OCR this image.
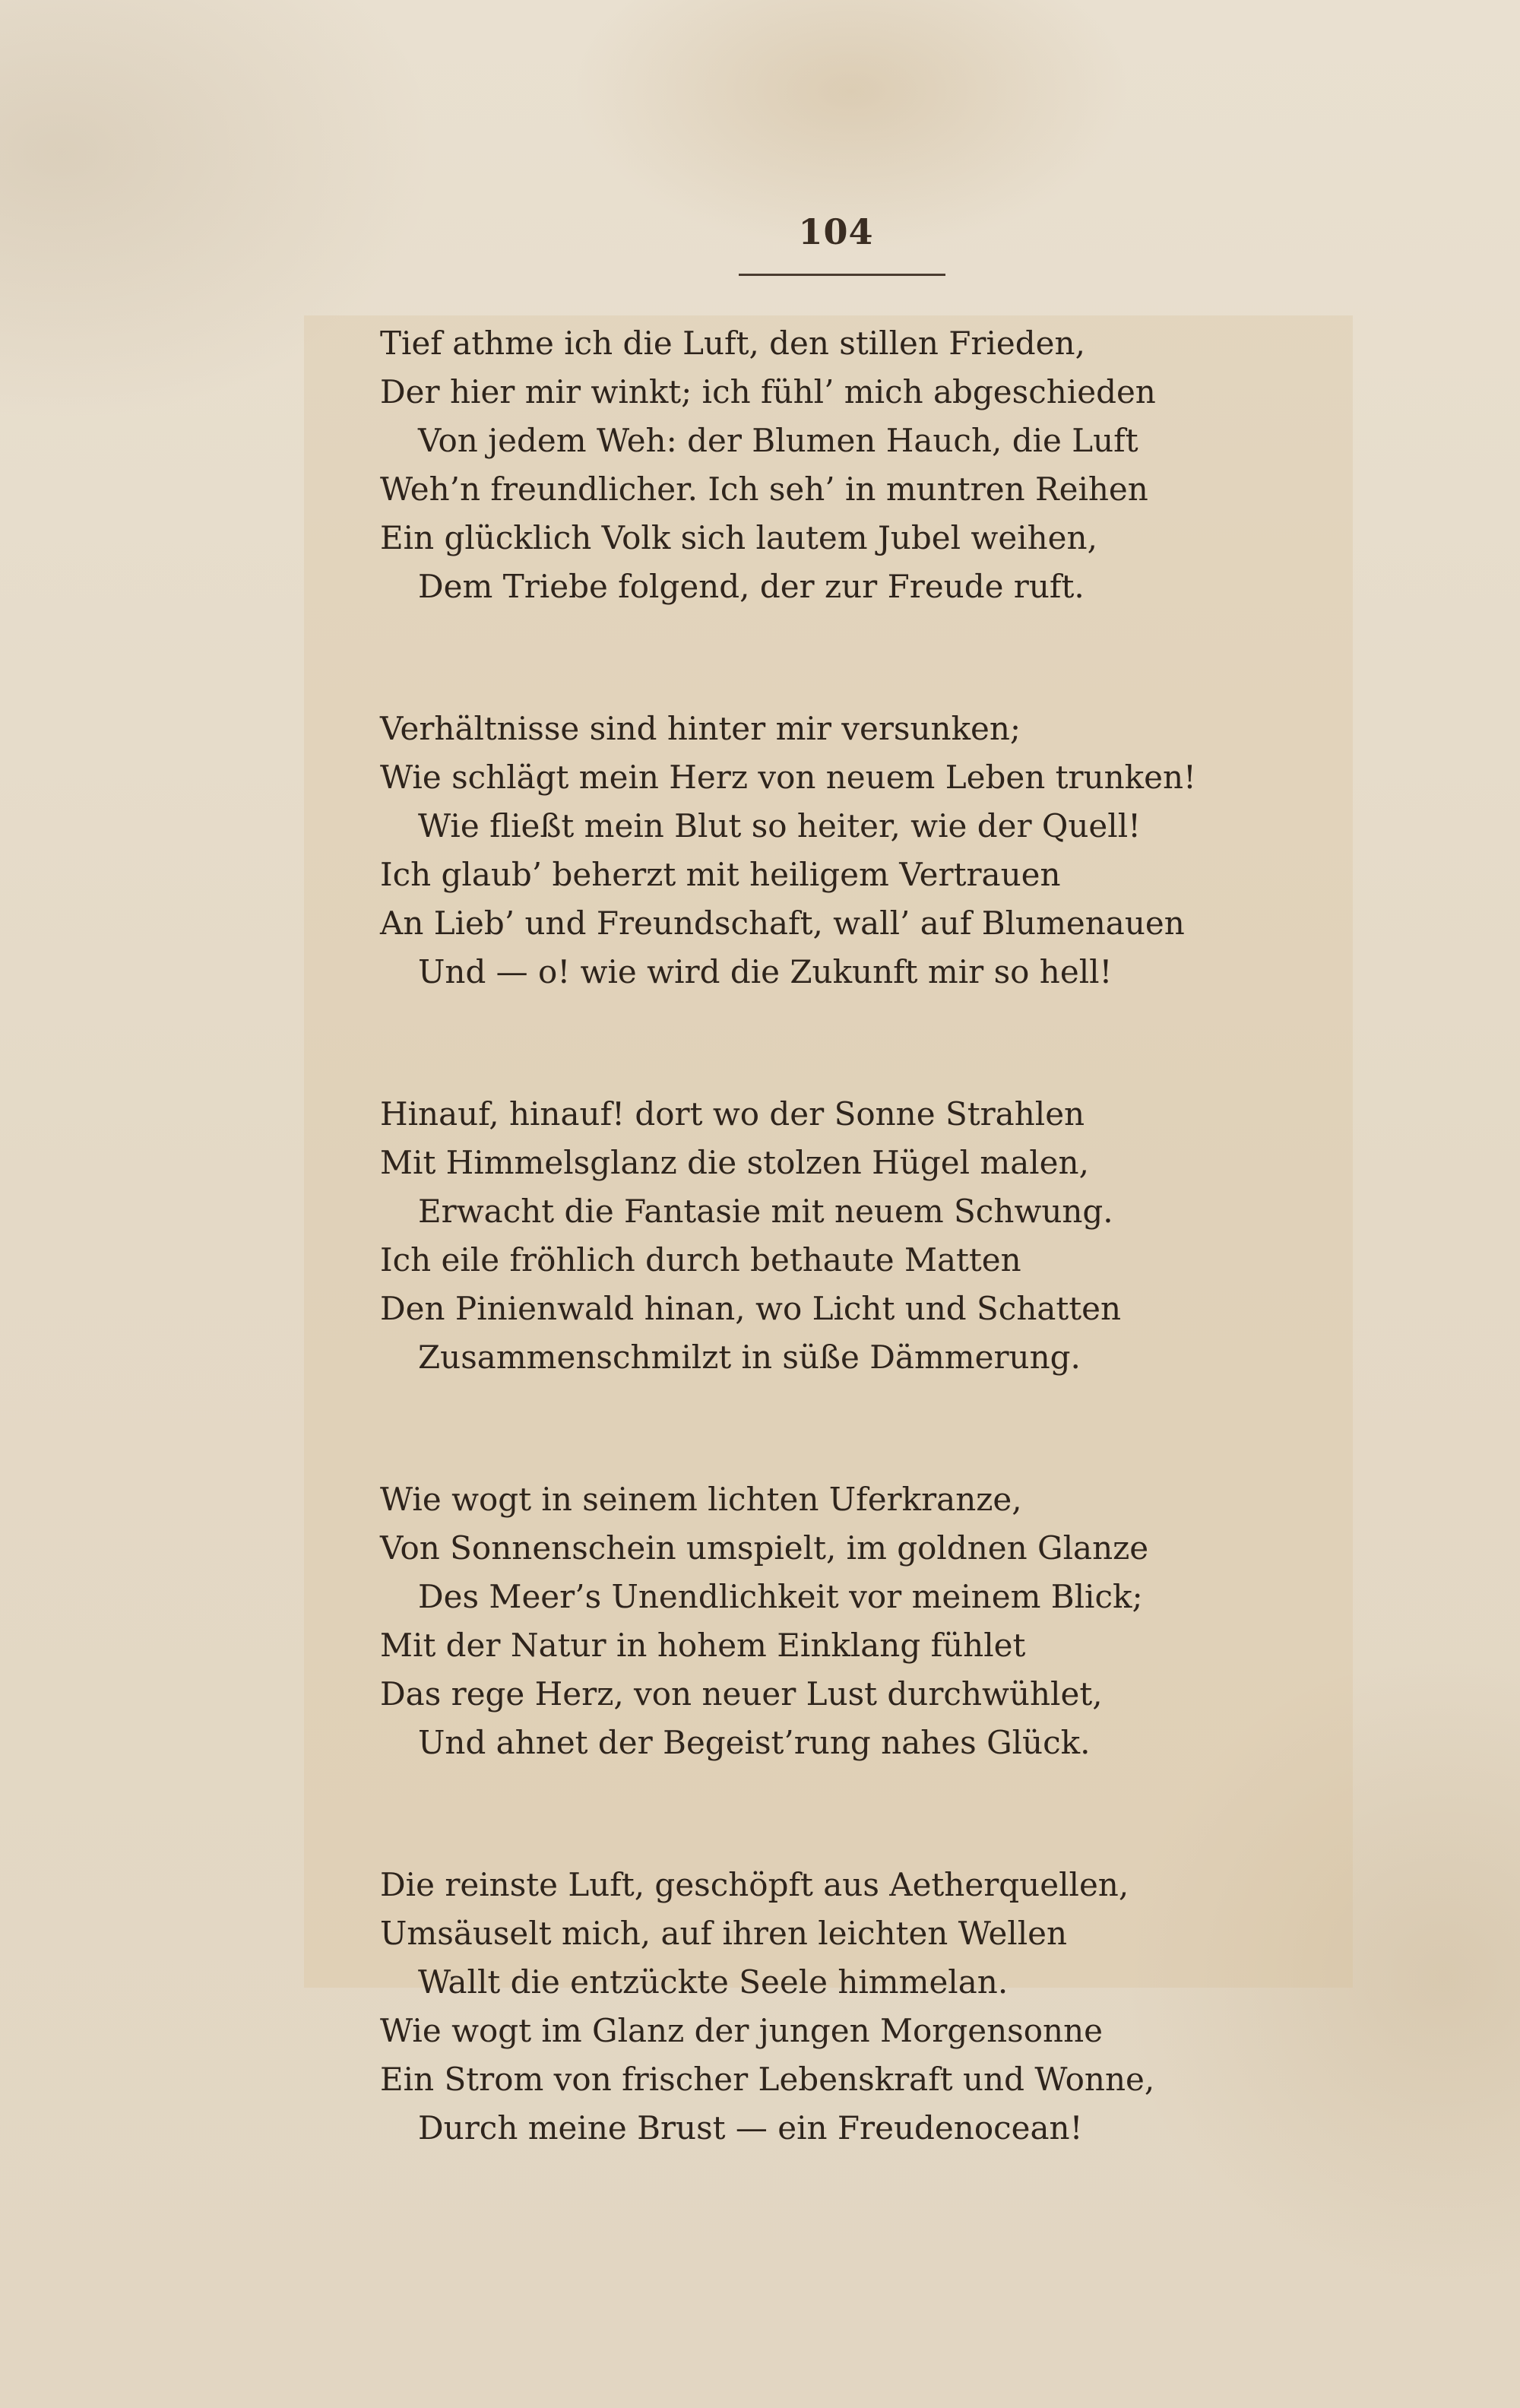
104
Tief athme ich die Luft, den stillen Frieden,
Der hier mir winkt; ich fühl’ mich abgeschieden
Von jedem Weh: der Blumen Hauch, die Luft
Weh’n freundlicher. Ich seh’ in muntren Reihen
Ein glücklich Volk sich lautem Jubel weihen,
Dem Triebe folgend, der zur Freude ruft.
Verhältnisse sind hinter mir versunken;
Wie schlägt mein Herz von neuem Leben trunken!
Wie fließt mein Blut so heiter, wie der Quell!
Ich glaub’ beherzt mit heiligem Vertrauen
An Lieb’ und Freundschaft, wall’ auf Blumenauen
Und — o! wie wird die Zukunft mir so hell!
Hinauf, hinauf! dort wo der Sonne Strahlen
Mit Himmelsglanz die stolzen Hügel malen,
Erwacht die Fantasie mit neuem Schwung.
Ich eile fröhlich durch bethaute Matten
Den Pinienwald hinan, wo Licht und Schatten
Zusammenschmilzt in süße Dämmerung.
Wie wogt in seinem lichten Uferkranze,
Von Sonnenschein umspielt, im goldnen Glanze
Des Meer’s Unendlichkeit vor meinem Blick;
Mit der Natur in hohem Einklang fühlet
Das rege Herz, von neuer Lust durchwühlet,
Und ahnet der Begeist’rung nahes Glück.
Die reinste Luft, geschöpft aus Aetherquellen,
Umsäuselt mich, auf ihren leichten Wellen
Wallt die entzückte Seele himmelan.
Wie wogt im Glanz der jungen Morgensonne
Ein Strom von frischer Lebenskraft und Wonne,
Durch meine Brust — ein Freudenocean!
